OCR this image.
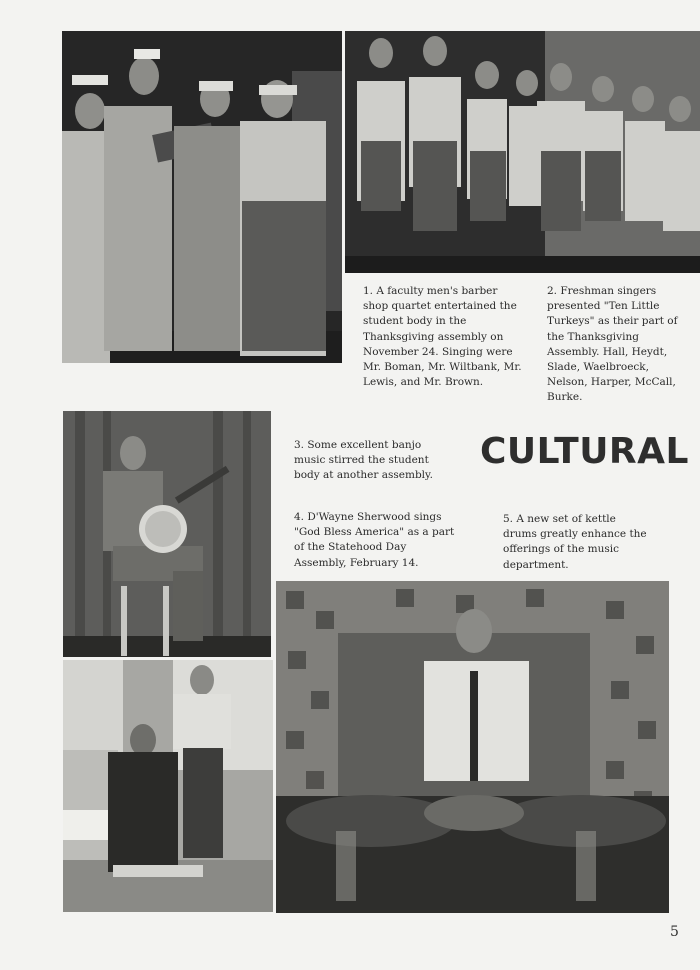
1. A faculty men's barber shop quartet entertained the student body in the Thanksgiving assembly on November 24. Singing were Mr. Boman, Mr. Wiltbank, Mr. Lewis, and Mr. Brown.

2. Freshman singers presented "Ten Little Turkeys" as their part of the Thanksgiving Assembly. Hall, Heydt, Slade, Waelbroeck, Nelson, Harper, McCall, Burke.

3. Some excellent banjo music stirred the student body at another assembly.

CULTURAL

4. D'Wayne Sherwood sings "God Bless America" as a part of the Statehood Day Assembly, February 14.

5. A new set of kettle drums greatly enhance the offerings of the music department.

5
